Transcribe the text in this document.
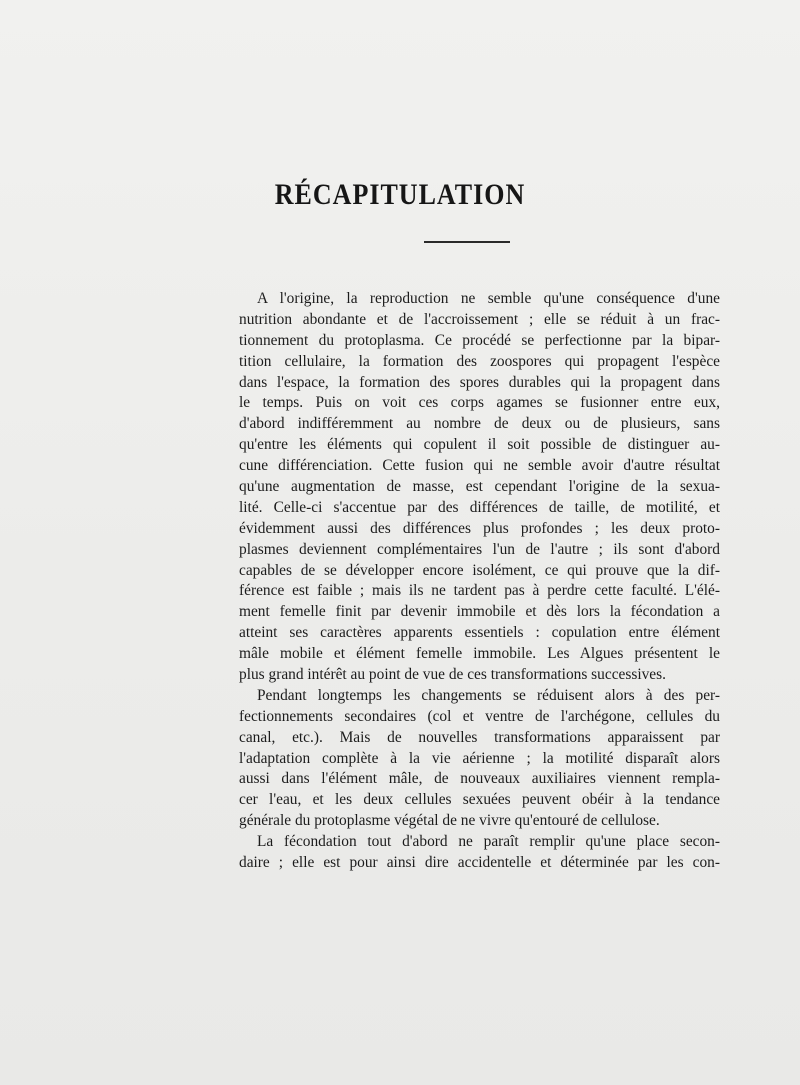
RÉCAPITULATION
A l'origine, la reproduction ne semble qu'une conséquence d'une
nutrition abondante et de l'accroissement ; elle se réduit à un frac-
tionnement du protoplasma. Ce procédé se perfectionne par la bipar-
tition cellulaire, la formation des zoospores qui propagent l'espèce
dans l'espace, la formation des spores durables qui la propagent dans
le temps. Puis on voit ces corps agames se fusionner entre eux,
d'abord indifféremment au nombre de deux ou de plusieurs, sans
qu'entre les éléments qui copulent il soit possible de distinguer au-
cune différenciation. Cette fusion qui ne semble avoir d'autre résultat
qu'une augmentation de masse, est cependant l'origine de la sexua-
lité. Celle-ci s'accentue par des différences de taille, de motilité, et
évidemment aussi des différences plus profondes ; les deux proto-
plasmes deviennent complémentaires l'un de l'autre ; ils sont d'abord
capables de se développer encore isolément, ce qui prouve que la dif-
férence est faible ; mais ils ne tardent pas à perdre cette faculté. L'élé-
ment femelle finit par devenir immobile et dès lors la fécondation a
atteint ses caractères apparents essentiels : copulation entre élément
mâle mobile et élément femelle immobile. Les Algues présentent le
plus grand intérêt au point de vue de ces transformations successives.
Pendant longtemps les changements se réduisent alors à des per-
fectionnements secondaires (col et ventre de l'archégone, cellules du
canal, etc.). Mais de nouvelles transformations apparaissent par
l'adaptation complète à la vie aérienne ; la motilité disparaît alors
aussi dans l'élément mâle, de nouveaux auxiliaires viennent rempla-
cer l'eau, et les deux cellules sexuées peuvent obéir à la tendance
générale du protoplasme végétal de ne vivre qu'entouré de cellulose.
La fécondation tout d'abord ne paraît remplir qu'une place secon-
daire ; elle est pour ainsi dire accidentelle et déterminée par les con-
